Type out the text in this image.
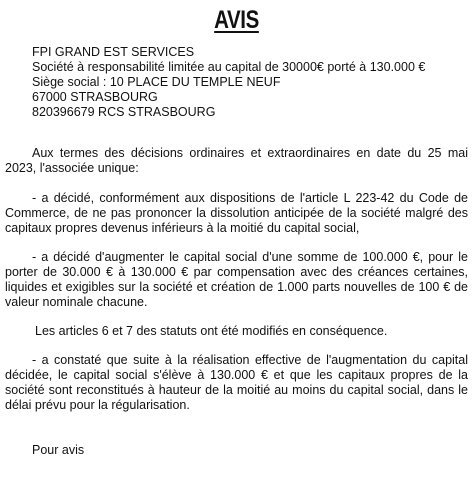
AVIS
FPI GRAND EST SERVICES
Société à responsabilité limitée au capital de 30000€ porté à 130.000 €
Siège social : 10 PLACE DU TEMPLE NEUF
67000 STRASBOURG
820396679 RCS STRASBOURG
Aux termes des décisions ordinaires et extraordinaires en date du 25 mai 2023, l'associée unique:
- a décidé, conformément aux dispositions de l'article L 223-42 du Code de Commerce, de ne pas prononcer la dissolution anticipée de la société malgré des capitaux propres devenus inférieurs à la moitié du capital social,
- a décidé d'augmenter le capital social d'une somme de 100.000 €, pour le porter de 30.000 € à 130.000 € par compensation avec des créances certaines, liquides et exigibles sur la société et création de 1.000 parts nouvelles de 100 € de valeur nominale chacune.
Les articles 6 et 7 des statuts ont été modifiés en conséquence.
- a constaté que suite à la réalisation effective de l'augmentation du capital décidée, le capital social s'élève à 130.000 € et que les capitaux propres de la société sont reconstitués à hauteur de la moitié au moins du capital social, dans le délai prévu pour la régularisation.
Pour avis
